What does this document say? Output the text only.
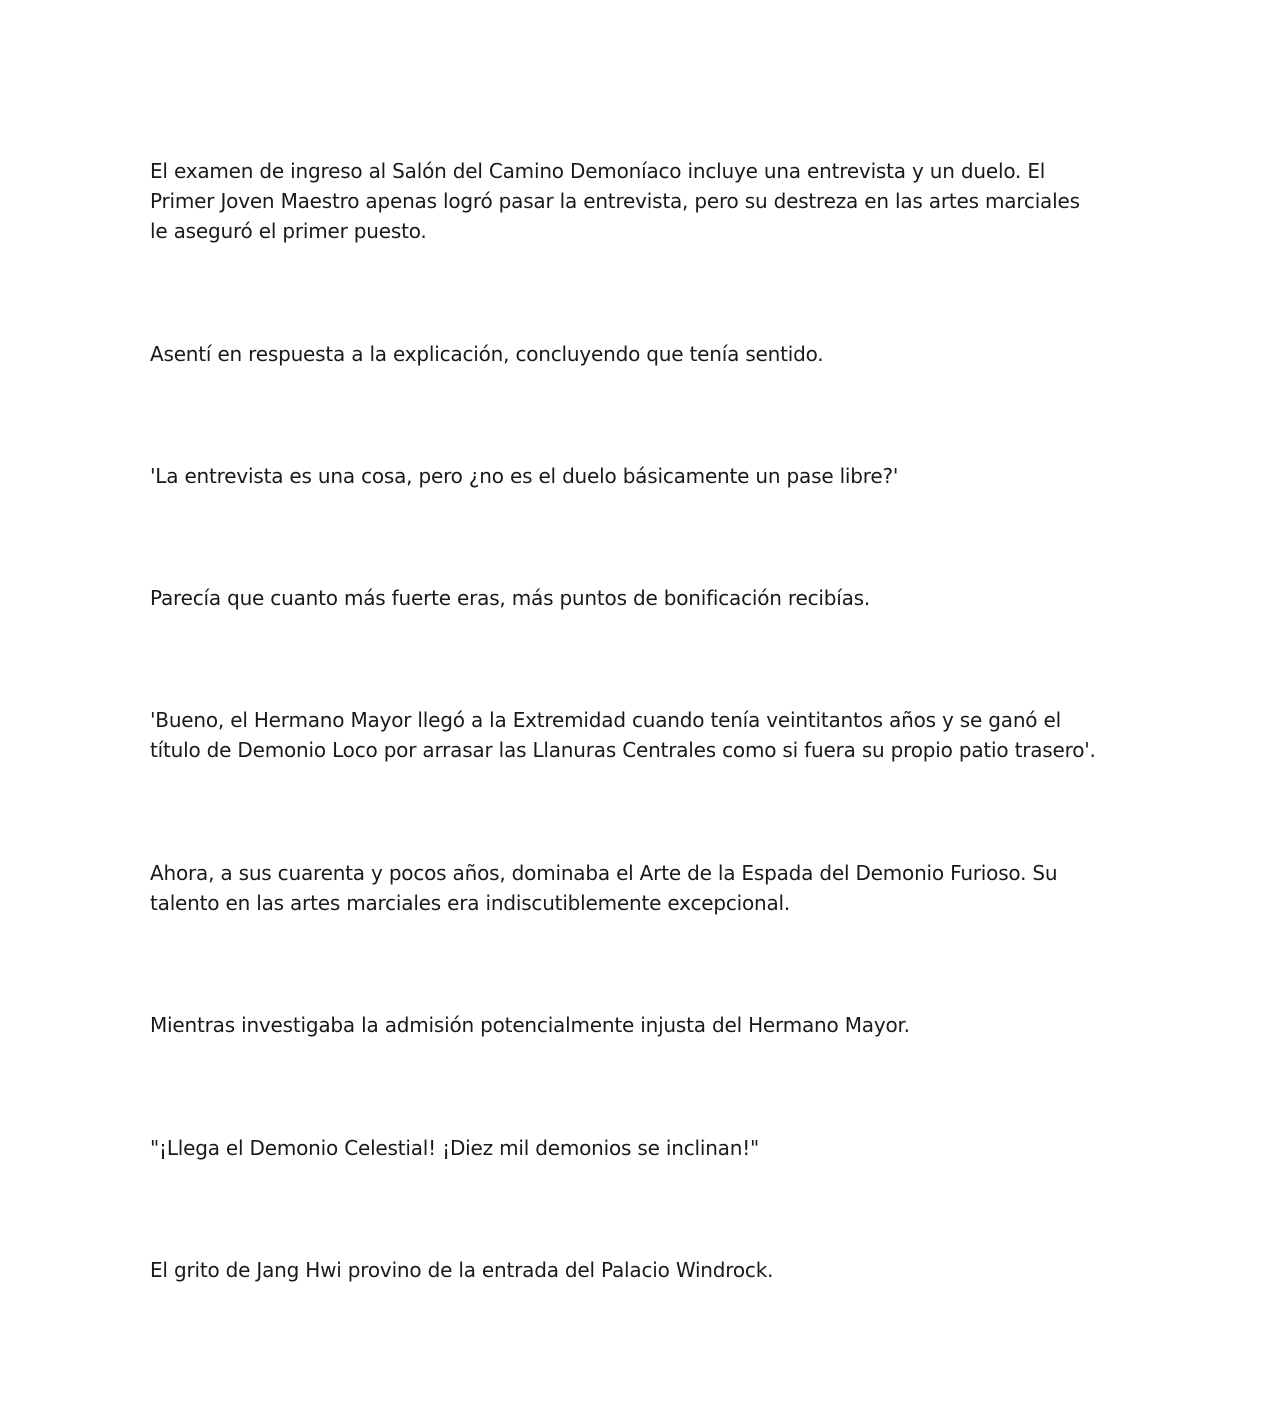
El examen de ingreso al Salón del Camino Demoníaco incluye una entrevista y un duelo. El
Primer Joven Maestro apenas logró pasar la entrevista, pero su destreza en las artes marciales
le aseguró el primer puesto.

Asentí en respuesta a la explicación, concluyendo que tenía sentido.

'La entrevista es una cosa, pero ¿no es el duelo básicamente un pase libre?'

Parecía que cuanto más fuerte eras, más puntos de bonificación recibías.

'Bueno, el Hermano Mayor llegó a la Extremidad cuando tenía veintitantos años y se ganó el
título de Demonio Loco por arrasar las Llanuras Centrales como si fuera su propio patio trasero'.

Ahora, a sus cuarenta y pocos años, dominaba el Arte de la Espada del Demonio Furioso. Su
talento en las artes marciales era indiscutiblemente excepcional.

Mientras investigaba la admisión potencialmente injusta del Hermano Mayor.

"¡Llega el Demonio Celestial! ¡Diez mil demonios se inclinan!"

El grito de Jang Hwi provino de la entrada del Palacio Windrock.
